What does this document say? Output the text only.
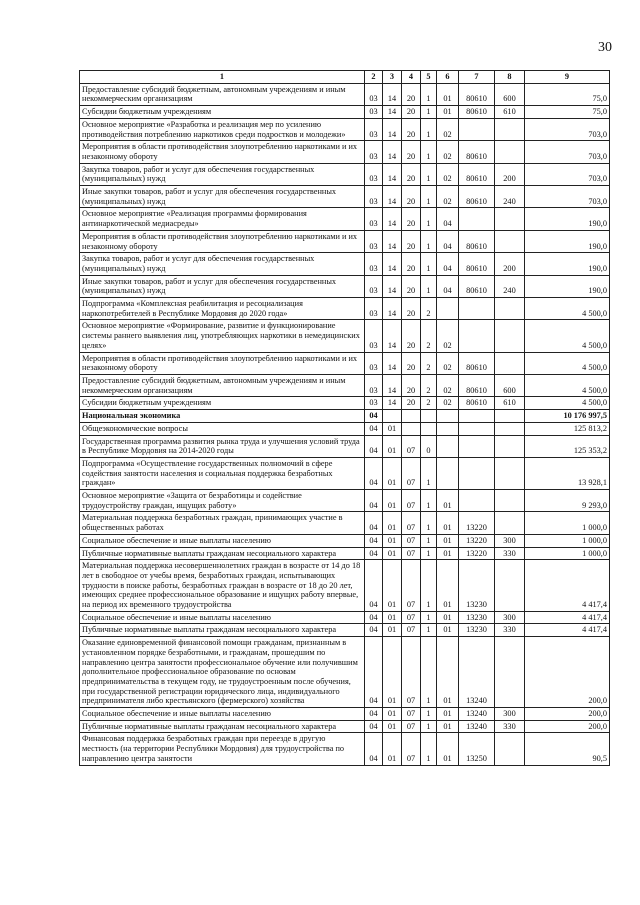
30
1	2	3	4	5	6	7	8	9
Предоставление субсидий бюджетным, автономным учреждениям и иным некоммерческим организациям	03	14	20	1	01	80610	600	75,0
Субсидии бюджетным учреждениям	03	14	20	1	01	80610	610	75,0
Основное мероприятие «Разработка и реализация мер по усилению противодействия потреблению наркотиков среди подростков и молодежи»	03	14	20	1	02			703,0
Мероприятия в области противодействия злоупотреблению наркотиками и их незаконному обороту	03	14	20	1	02	80610		703,0
Закупка товаров, работ и услуг для обеспечения государственных (муниципальных) нужд	03	14	20	1	02	80610	200	703,0
Иные закупки товаров, работ и услуг для обеспечения государственных (муниципальных) нужд	03	14	20	1	02	80610	240	703,0
Основное мероприятие «Реализация программы формирования антинаркотической медиасреды»	03	14	20	1	04			190,0
Мероприятия в области противодействия злоупотреблению наркотиками и их незаконному обороту	03	14	20	1	04	80610		190,0
Закупка товаров, работ и услуг для обеспечения государственных (муниципальных) нужд	03	14	20	1	04	80610	200	190,0
Иные закупки товаров, работ и услуг для обеспечения государственных (муниципальных) нужд	03	14	20	1	04	80610	240	190,0
Подпрограмма «Комплексная реабилитация и ресоциализация наркопотребителей в Республике Мордовия до 2020 года»	03	14	20	2				4 500,0
Основное мероприятие «Формирование, развитие и функционирование системы раннего выявления лиц, употребляющих наркотики в немедицинских целях»	03	14	20	2	02			4 500,0
Мероприятия в области противодействия злоупотреблению наркотиками и их незаконному обороту	03	14	20	2	02	80610		4 500,0
Предоставление субсидий бюджетным, автономным учреждениям и иным некоммерческим организациям	03	14	20	2	02	80610	600	4 500,0
Субсидии бюджетным учреждениям	03	14	20	2	02	80610	610	4 500,0
Национальная экономика	04							10 176 997,5
Общеэкономические вопросы	04	01						125 813,2
Государственная программа развития рынка труда и улучшения условий труда в Республике Мордовия на 2014-2020 годы	04	01	07	0				125 353,2
Подпрограмма «Осуществление государственных полномочий в сфере содействия занятости населения и социальная поддержка безработных граждан»	04	01	07	1				13 928,1
Основное мероприятие «Защита от безработицы и содействие трудоустройству граждан, ищущих работу»	04	01	07	1	01			9 293,0
Материальная поддержка безработных граждан, принимающих участие в общественных работах	04	01	07	1	01	13220		1 000,0
Социальное обеспечение и иные выплаты населению	04	01	07	1	01	13220	300	1 000,0
Публичные нормативные выплаты гражданам несоциального характера	04	01	07	1	01	13220	330	1 000,0
Материальная поддержка несовершеннолетних граждан в возрасте от 14 до 18 лет в свободное от учебы время, безработных граждан, испытывающих трудности в поиске работы, безработных граждан в возрасте от 18 до 20 лет, имеющих среднее профессиональное образование и ищущих работу впервые, на период их временного трудоустройства	04	01	07	1	01	13230		4 417,4
Социальное обеспечение и иные выплаты населению	04	01	07	1	01	13230	300	4 417,4
Публичные нормативные выплаты гражданам несоциального характера	04	01	07	1	01	13230	330	4 417,4
Оказание единовременной финансовой помощи гражданам, признанным в установленном порядке безработными, и гражданам, прошедшим по направлению центра занятости профессиональное обучение или получившим дополнительное профессиональное образование по основам предпринимательства в текущем году, не трудоустроенным после обучения, при государственной регистрации юридического лица, индивидуального предпринимателя либо крестьянского (фермерского) хозяйства	04	01	07	1	01	13240		200,0
Социальное обеспечение и иные выплаты населению	04	01	07	1	01	13240	300	200,0
Публичные нормативные выплаты гражданам несоциального характера	04	01	07	1	01	13240	330	200,0
Финансовая поддержка безработных граждан при переезде в другую местность (на территории Республики Мордовия) для трудоустройства по направлению центра занятости	04	01	07	1	01	13250		90,5
